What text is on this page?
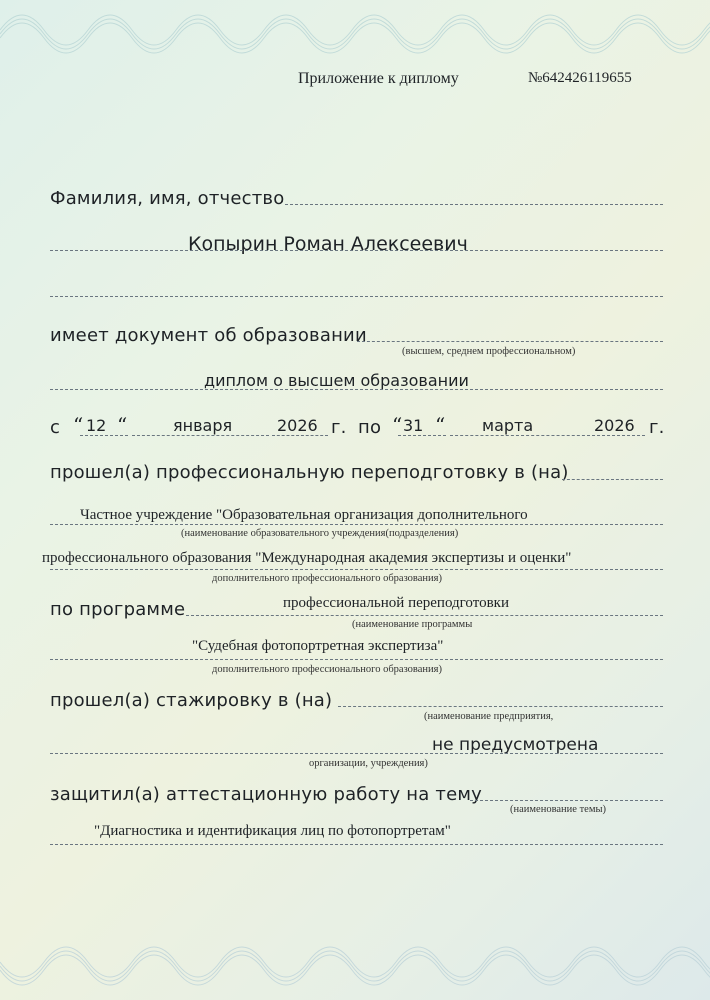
Приложение к диплому	№642426119655
Фамилия, имя, отчество
Копырин Роман Алексеевич
имеет документ об образовании
(высшем, среднем профессиональном)
диплом о высшем образовании
с “ 12 “	января	2026 г. по “ 31 “ марта	2026 г.
прошел(а) профессиональную переподготовку в (на)
Частное учреждение "Образовательная организация дополнительного
(наименование образовательного учреждения(подразделения)
профессионального образования "Международная академия экспертизы и оценки"
дополнительного профессионального образования)
по программе	профессиональной переподготовки
(наименование программы
"Судебная фотопортретная экспертиза"
дополнительного профессионального образования)
прошел(а) стажировку в (на)
(наименование предприятия,
не предусмотрена
организации, учреждения)
защитил(а) аттестационную работу на тему
(наименование темы)
"Диагностика и идентификация лиц по фотопортретам"
